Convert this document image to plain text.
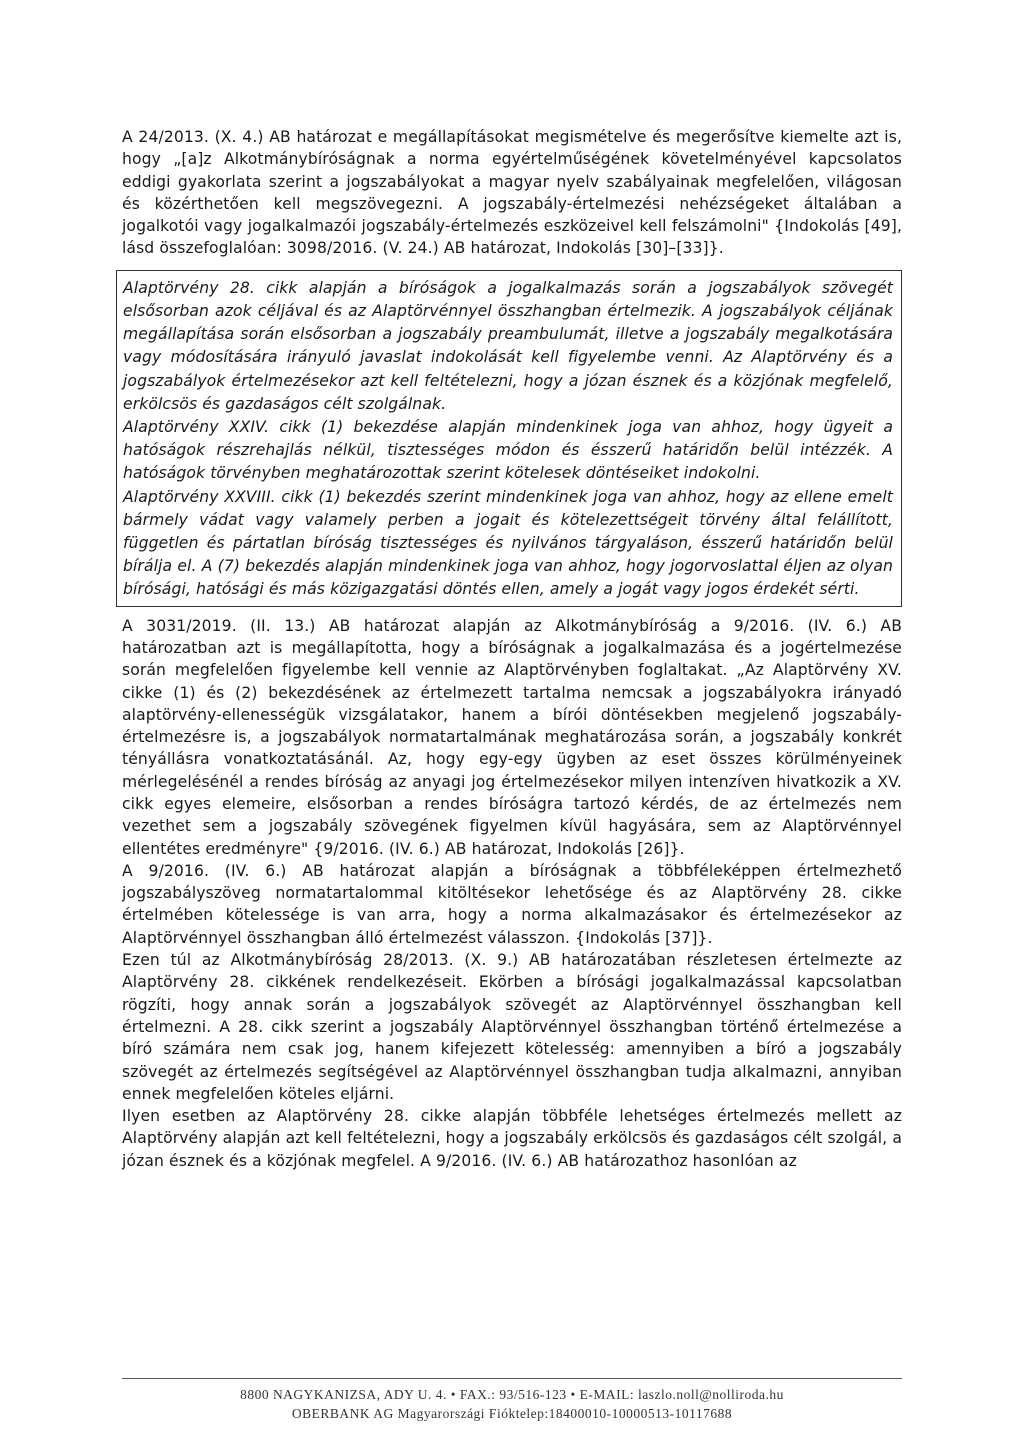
A 24/2013. (X. 4.) AB határozat e megállapításokat megismételve és megerősítve kiemelte azt is, hogy „[a]z Alkotmánybíróságnak a norma egyértelműségének követelményével kapcsolatos eddigi gyakorlata szerint a jogszabályokat a magyar nyelv szabályainak megfelelően, világosan és közérthetően kell megszövegezni. A jogszabály-értelmezési nehézségeket általában a jogalkotói vagy jogalkalmazói jogszabály-értelmezés eszközeivel kell felszámolni" {Indokolás [49], lásd összefoglalóan: 3098/2016. (V. 24.) AB határozat, Indokolás [30]–[33]}.

Alaptörvény 28. cikk alapján a bíróságok a jogalkalmazás során a jogszabályok szövegét elsősorban azok céljával és az Alaptörvénnyel összhangban értelmezik. A jogszabályok céljának megállapítása során elsősorban a jogszabály preambulumát, illetve a jogszabály megalkotására vagy módosítására irányuló javaslat indokolását kell figyelembe venni. Az Alaptörvény és a jogszabályok értelmezésekor azt kell feltételezni, hogy a józan észnek és a közjónak megfelelő, erkölcsös és gazdaságos célt szolgálnak.

Alaptörvény XXIV. cikk (1) bekezdése alapján mindenkinek joga van ahhoz, hogy ügyeit a hatóságok részrehajlás nélkül, tisztességes módon és ésszerű határidőn belül intézzék. A hatóságok törvényben meghatározottak szerint kötelesek döntéseiket indokolni.

Alaptörvény XXVIII. cikk (1) bekezdés szerint mindenkinek joga van ahhoz, hogy az ellene emelt bármely vádat vagy valamely perben a jogait és kötelezettségeit törvény által felállított, független és pártatlan bíróság tisztességes és nyilvános tárgyaláson, ésszerű határidőn belül bírálja el. A (7) bekezdés alapján mindenkinek joga van ahhoz, hogy jogorvoslattal éljen az olyan bírósági, hatósági és más közigazgatási döntés ellen, amely a jogát vagy jogos érdekét sérti.

A 3031/2019. (II. 13.) AB határozat alapján az Alkotmánybíróság a 9/2016. (IV. 6.) AB határozatban azt is megállapította, hogy a bíróságnak a jogalkalmazása és a jogértelmezése során megfelelően figyelembe kell vennie az Alaptörvényben foglaltakat. „Az Alaptörvény XV. cikke (1) és (2) bekezdésének az értelmezett tartalma nemcsak a jogszabályokra irányadó alaptörvény-ellenességük vizsgálatakor, hanem a bírói döntésekben megjelenő jogszabály-értelmezésre is, a jogszabályok normatartalmának meghatározása során, a jogszabály konkrét tényállásra vonatkoztatásánál. Az, hogy egy-egy ügyben az eset összes körülményeinek mérlegelésénél a rendes bíróság az anyagi jog értelmezésekor milyen intenzíven hivatkozik a XV. cikk egyes elemeire, elsősorban a rendes bíróságra tartozó kérdés, de az értelmezés nem vezethet sem a jogszabály szövegének figyelmen kívül hagyására, sem az Alaptörvénnyel ellentétes eredményre" {9/2016. (IV. 6.) AB határozat, Indokolás [26]}.

A 9/2016. (IV. 6.) AB határozat alapján a bíróságnak a többféleképpen értelmezhető jogszabályszöveg normatartalommal kitöltésekor lehetősége és az Alaptörvény 28. cikke értelmében kötelessége is van arra, hogy a norma alkalmazásakor és értelmezésekor az Alaptörvénnyel összhangban álló értelmezést válasszon. {Indokolás [37]}.

Ezen túl az Alkotmánybíróság 28/2013. (X. 9.) AB határozatában részletesen értelmezte az Alaptörvény 28. cikkének rendelkezéseit. Ekörben a bírósági jogalkalmazással kapcsolatban rögzíti, hogy annak során a jogszabályok szövegét az Alaptörvénnyel összhangban kell értelmezni. A 28. cikk szerint a jogszabály Alaptörvénnyel összhangban történő értelmezése a bíró számára nem csak jog, hanem kifejezett kötelesség: amennyiben a bíró a jogszabály szövegét az értelmezés segítségével az Alaptörvénnyel összhangban tudja alkalmazni, annyiban ennek megfelelően köteles eljárni.

Ilyen esetben az Alaptörvény 28. cikke alapján többféle lehetséges értelmezés mellett az Alaptörvény alapján azt kell feltételezni, hogy a jogszabály erkölcsös és gazdaságos célt szolgál, a józan észnek és a közjónak megfelel. A 9/2016. (IV. 6.) AB határozathoz hasonlóan az

8800 NAGYKANIZSA, ADY U. 4. • FAX.: 93/516-123 • E-MAIL: laszlo.noll@nolliroda.hu
OBERBANK AG Magyarországi Fióktelep:18400010-10000513-10117688
